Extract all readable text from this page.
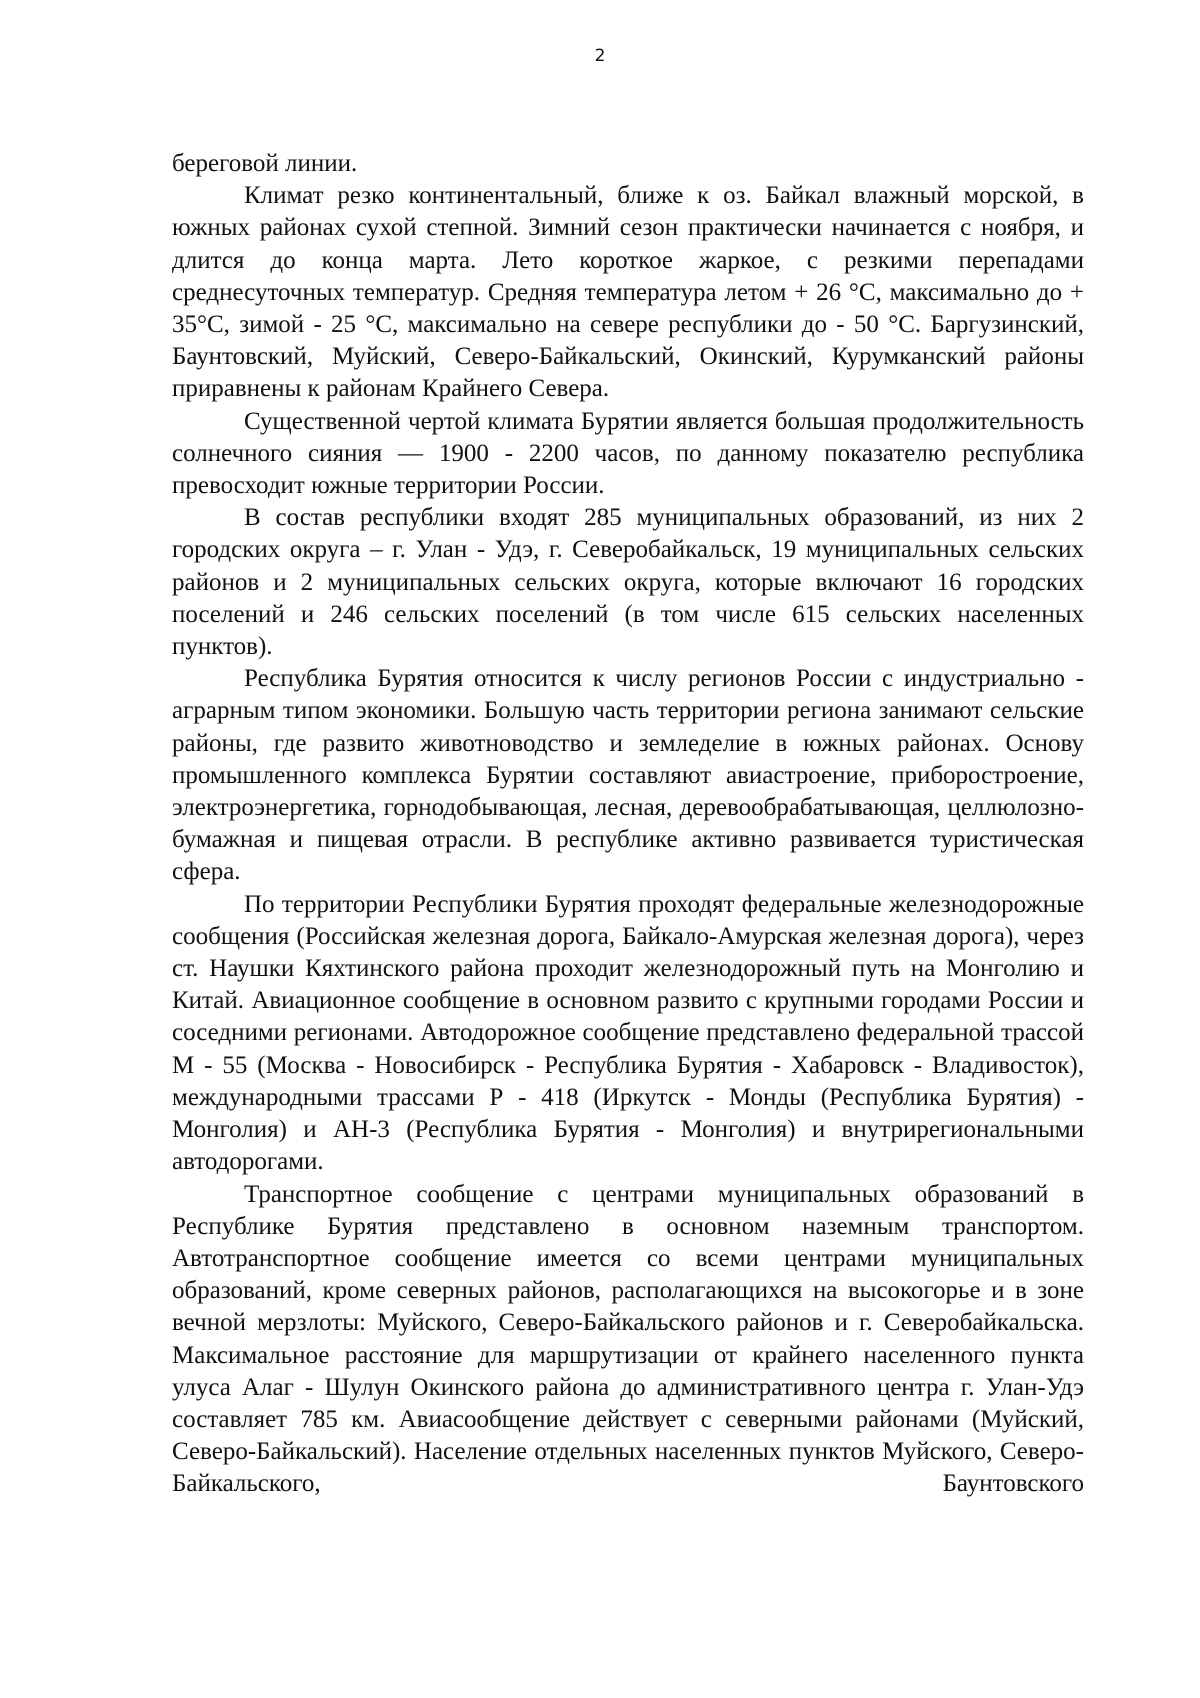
2

береговой линии.

Климат резко континентальный, ближе к оз. Байкал влажный морской, в южных районах сухой степной. Зимний сезон практически начинается с ноября, и длится до конца марта. Лето короткое жаркое, с резкими перепадами среднесуточных температур. Средняя температура летом + 26 °С, максимально до + 35°С, зимой - 25 °С, максимально на севере республики до - 50 °С. Баргузинский, Баунтовский, Муйский, Северо-Байкальский, Окинский, Курумканский районы приравнены к районам Крайнего Севера.

Существенной чертой климата Бурятии является большая продолжительность солнечного сияния — 1900 - 2200 часов, по данному показателю республика превосходит южные территории России.

В состав республики входят 285 муниципальных образований, из них 2 городских округа – г. Улан - Удэ, г. Северобайкальск, 19 муниципальных сельских районов и 2 муниципальных сельских округа, которые включают 16 городских поселений и 246 сельских поселений (в том числе 615 сельских населенных пунктов).

Республика Бурятия относится к числу регионов России с индустриально - аграрным типом экономики. Большую часть территории региона занимают сельские районы, где развито животноводство и земледелие в южных районах. Основу промышленного комплекса Бурятии составляют авиастроение, приборостроение, электроэнергетика, горнодобывающая, лесная, деревообрабатывающая, целлюлозно-бумажная и пищевая отрасли. В республике активно развивается туристическая сфера.

По территории Республики Бурятия проходят федеральные железнодорожные сообщения (Российская железная дорога, Байкало-Амурская железная дорога), через ст. Наушки Кяхтинского района проходит железнодорожный путь на Монголию и Китай. Авиационное сообщение в основном развито с крупными городами России и соседними регионами. Автодорожное сообщение представлено федеральной трассой М - 55 (Москва - Новосибирск - Республика Бурятия - Хабаровск - Владивосток), международными трассами Р - 418 (Иркутск - Монды (Республика Бурятия) - Монголия) и АН-3 (Республика Бурятия - Монголия) и внутрирегиональными автодорогами.

Транспортное сообщение с центрами муниципальных образований в Республике Бурятия представлено в основном наземным транспортом. Автотранспортное сообщение имеется со всеми центрами муниципальных образований, кроме северных районов, располагающихся на высокогорье и в зоне вечной мерзлоты: Муйского, Северо-Байкальского районов и г. Северобайкальска. Максимальное расстояние для маршрутизации от крайнего населенного пункта улуса Алаг - Шулун Окинского района до административного центра г. Улан-Удэ составляет 785 км. Авиасообщение действует с северными районами (Муйский, Северо-Байкальский). Население отдельных населенных пунктов Муйского, Северо-Байкальского, Баунтовского
